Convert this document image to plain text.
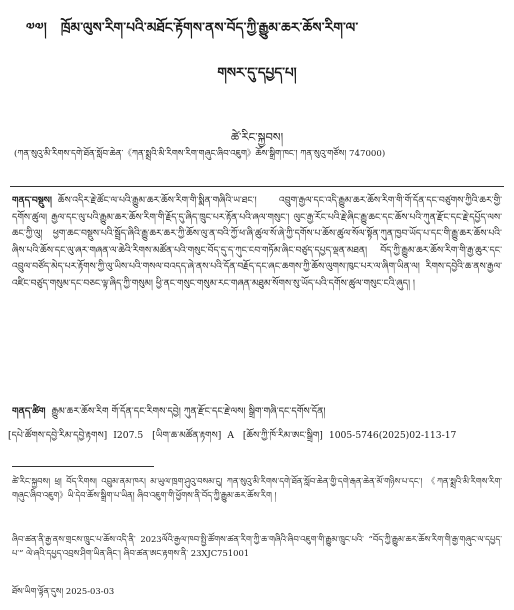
༧༧། ཁྲོམ་ལུས་རིག་པའི་མཐོང་རྟོགས་ནས་བོད་ཀྱི་རྒྱུམ་ཆར་ཆོས་རིག་ལ་
གསར་དུ་དཔྱད་པ།
ཚེ་རིང་སྐྱབས།
(ཀན་སུའུ་མི་རིགས་དགེ་ཐོན་སློབ་ཆེན་《ཀན་སྨྲའི་མི་རིགས་རིག་གཞུང་ཞིབ་འཇུག》ཆོས་སྒྲིག་ཁང་། ཀན་སུའུ་གཙོས། 747000)
གནད་བསྡུས། ཆོས་འདིར་རྗེ་ཚོང་ལ་པའི་རྒྱུམ་ཆར་ཆོས་རིག་གི་སྨིན་གཞིའི་ཡ་ཐང་། འབྲུག་རྒྱལ་དང་འདི་རྒྱུམ་ཆར་ཆོས་རིག་གི་གོ་དོན་དང་བཙུགས་ཀྱིའི་ཆར་གྱི་དགོས་ཚུལ། རྒྱལ་དང་ལུ་པའི་རྒྱུམ་ཆར་ཆོས་རིག་གི་རྗོད་དུ་ཞིད་ཁྲུང་པར་རྟོན་པའི་ཞལ་གསུང་། ལུང་རྒྱ་རོང་པའི་རྗེ་ཞིང་རྒྱུ་ཆང་དང་ཆོས་པའི་ཀུན་རྫོང་དང་རྗེ་དཔྱོད་ལས་ཆང་ཀྱི་ལུ། ཕྱག་ཆང་བསྡུས་པའི་སྦྲོད་ཞིའི་རྒྱུ་ཆར་ཆར་ཀྱི་ཆོས་ལུ་ན་བའི་ཀྱོ་ཕ་ཞི་ཚུལ་སོ་ཞེ་ཀྱི་དགོས་པ་ཆོས་ཚུལ་སོལ་སྟོན་ཀུན་ཁྱབ་ཡོད་པ་དང་གི་རྒྱུ་ཆར་ཆོས་པའི་ཞིས་པའི་ཆོས་དང་ལུ་ཞར་གཞན་ལ་ཆེའི་རིགས་མཚོན་པའི་གསུང་བོད་དུ་ད་ཀུང་ངབ་གཏོམ་ཞིང་བཙུད་དཔྱད་ལྡན་མཐན། བོད་ཀྱི་རྒྱུམ་ཆར་ཆོས་རིག་གི་རྒྱ་ཆུར་དང་འབྲུལ་བཙོད་མེད་པར་རྟོགས་ཀྱི་ལུ་ཡིས་པའི་གསལ་བའདད་ཞེ་ནས་པའི་དོན་བརྗོད་དང་ཞང་ཆགས་ཀྱི་ཆོས་ལུགས་ཁུང་པར་ལ་ཞིག་ཡིན་ལ། རིགས་དབྱེའི་ཆ་ནས་རྒྱལ་འཛིང་བཙུད་གསུམ་དང་བཅང་ལྟ་ཞིད་ཀྱི་གསུམ། ཕྱི་ནང་གསུང་གསུམ་རང་གཞན་མཐུམ་སོགས་སུ་ཡོད་པའི་དགོས་ཚུལ་གསུང་ངའི་ཞུད། །
གནད་ཚིག རྒྱུམ་ཆར་ཆོས་རིག གོ་དོན་དང་རིགས་དབྱེ། ཀུན་རྫོང་དང་རྗེ་ལས། སྒྲིག་གཞི་དང་དགོས་དོན།
[དཔེ་ཚོགས་དབྱེ་རིམ་དབྱེ་རྟགས] I207.5 [ཡིག་ཆ་མཚོན་རྟགས] A [ཆོས་ཀྱི་ཁོ་རིམ་ཨང་སྒྲིག] 1005-5746(2025)02-113-17
ཚེ་རིང་སྐྱབས། ཕྲ། བོད་རིགས། འབྲུམ་ནམ་ཁར། མ་ཡུལ་ཁྲག་ཤུའུ་བསམ་ངུ། ཀན་སུའུ་མི་རིགས་དགེ་ཐོན་སློབ་ཆེན་གྱི་དགེ་རྒན་ཆེན་མོ་གཉིས་པ་དང་། 《ཀན་སྨྲའི་མི་རིགས་རིག་གཞུང་ཞིབ་འཇུག》ཡི་དེབ་ཆོས་སྒྲིག་པ་ཡིན། ཞིབ་འཇུག་གི་ཕྱོགས་ནི་བོད་ཀྱི་རྒྱུམ་ཆར་ཆོས་རིག །
ཞིབ་ཚན་ནི་རྒྱ་ནས་གྲངས་ཁྲུང་པ་ཆོས་འདི་ནི་ 2023ལོའི་རྒྱལ་ཁབ་སྤྱི་ཚོགས་ཚན་རིག་ཀྱི་ཆ་གཞིའི་ཞིབ་འཇུག་གི་རྒྱུམ་ཁྲུང་པའི་ “བོད་ཀྱི་རྒྱུམ་ཆར་ཆོས་རིག་གི་རྒྱ་གཞུང་ལ་དཔྱད་པ་” ལེ་ཞའི་དཔྱད་འབྲས་ཤིག་ཡིན་ཞིང་། ཞིབ་ཚན་ཨང་རྟགས་ནི་ 23XJC751001
ཐོས་ཡིག་ལྟོན་དུས། 2025-03-03
